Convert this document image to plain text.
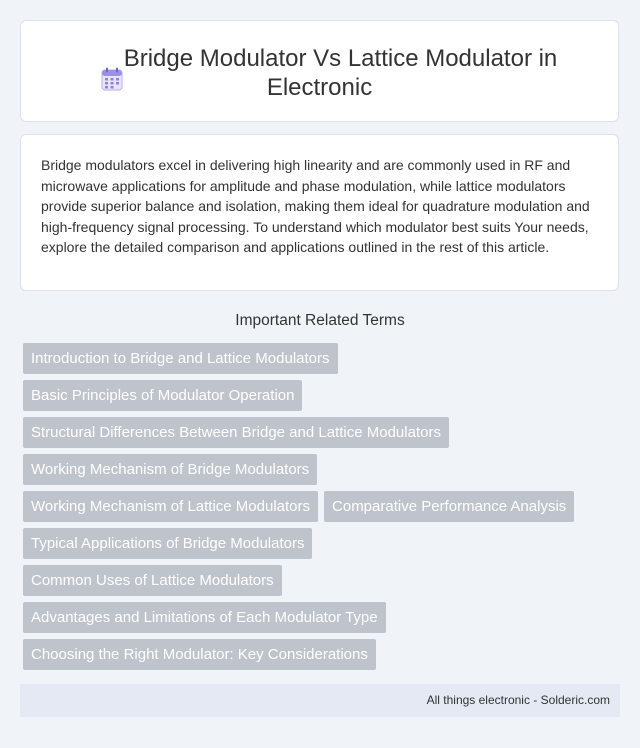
Bridge Modulator Vs Lattice Modulator in
Electronic

Bridge modulators excel in delivering high linearity and are commonly used in RF and microwave applications for amplitude and phase modulation, while lattice modulators provide superior balance and isolation, making them ideal for quadrature modulation and high-frequency signal processing. To understand which modulator best suits Your needs, explore the detailed comparison and applications outlined in the rest of this article.

Important Related Terms
Introduction to Bridge and Lattice Modulators
Basic Principles of Modulator Operation
Structural Differences Between Bridge and Lattice Modulators
Working Mechanism of Bridge Modulators
Working Mechanism of Lattice Modulators	Comparative Performance Analysis
Typical Applications of Bridge Modulators
Common Uses of Lattice Modulators
Advantages and Limitations of Each Modulator Type
Choosing the Right Modulator: Key Considerations
All things electronic - Solderic.com
